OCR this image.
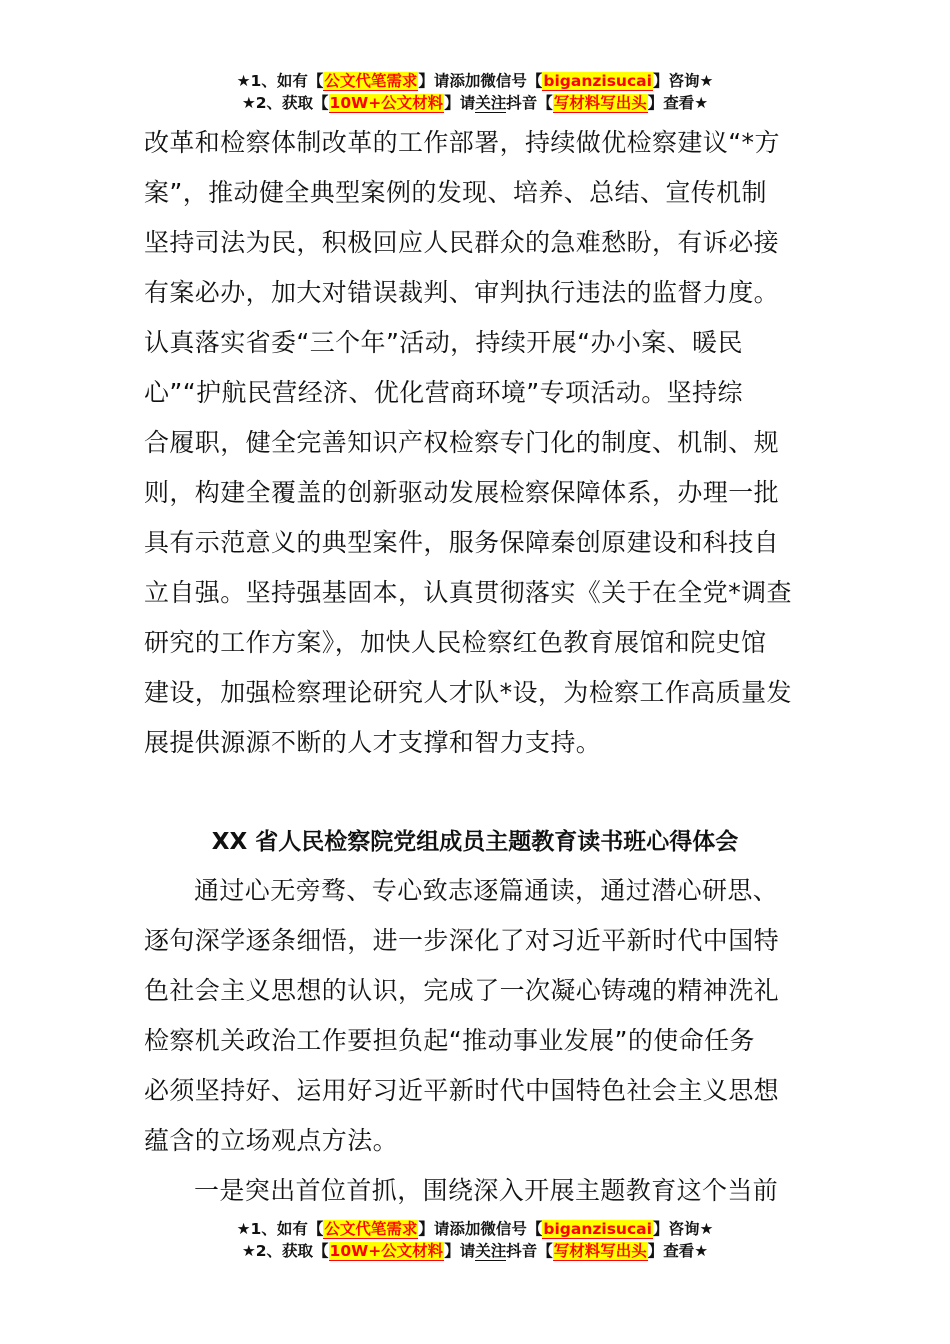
★1、如有【公文代笔需求】请添加微信号【biganzisucai】咨询★
★2、获取【10W+公文材料】请关注抖音【写材料写出头】查看★
改革和检察体制改革的工作部署，持续做优检察建议“*方
案”，推动健全典型案例的发现、培养、总结、宣传机制
坚持司法为民，积极回应人民群众的急难愁盼，有诉必接
有案必办，加大对错误裁判、审判执行违法的监督力度。
认真落实省委“三个年”活动，持续开展“办小案、暖民
心”“护航民营经济、优化营商环境”专项活动。坚持综
合履职，健全完善知识产权检察专门化的制度、机制、规
则，构建全覆盖的创新驱动发展检察保障体系，办理一批
具有示范意义的典型案件，服务保障秦创原建设和科技自
立自强。坚持强基固本，认真贯彻落实《关于在全党*调查
研究的工作方案》，加快人民检察红色教育展馆和院史馆
建设，加强检察理论研究人才队*设，为检察工作高质量发
展提供源源不断的人才支撑和智力支持。
XX 省人民检察院党组成员主题教育读书班心得体会
通过心无旁骛、专心致志逐篇通读，通过潜心研思、
逐句深学逐条细悟，进一步深化了对习近平新时代中国特
色社会主义思想的认识，完成了一次凝心铸魂的精神洗礼
检察机关政治工作要担负起“推动事业发展”的使命任务
必须坚持好、运用好习近平新时代中国特色社会主义思想
蕴含的立场观点方法。
一是突出首位首抓，围绕深入开展主题教育这个当前
★1、如有【公文代笔需求】请添加微信号【biganzisucai】咨询★
★2、获取【10W+公文材料】请关注抖音【写材料写出头】查看★
